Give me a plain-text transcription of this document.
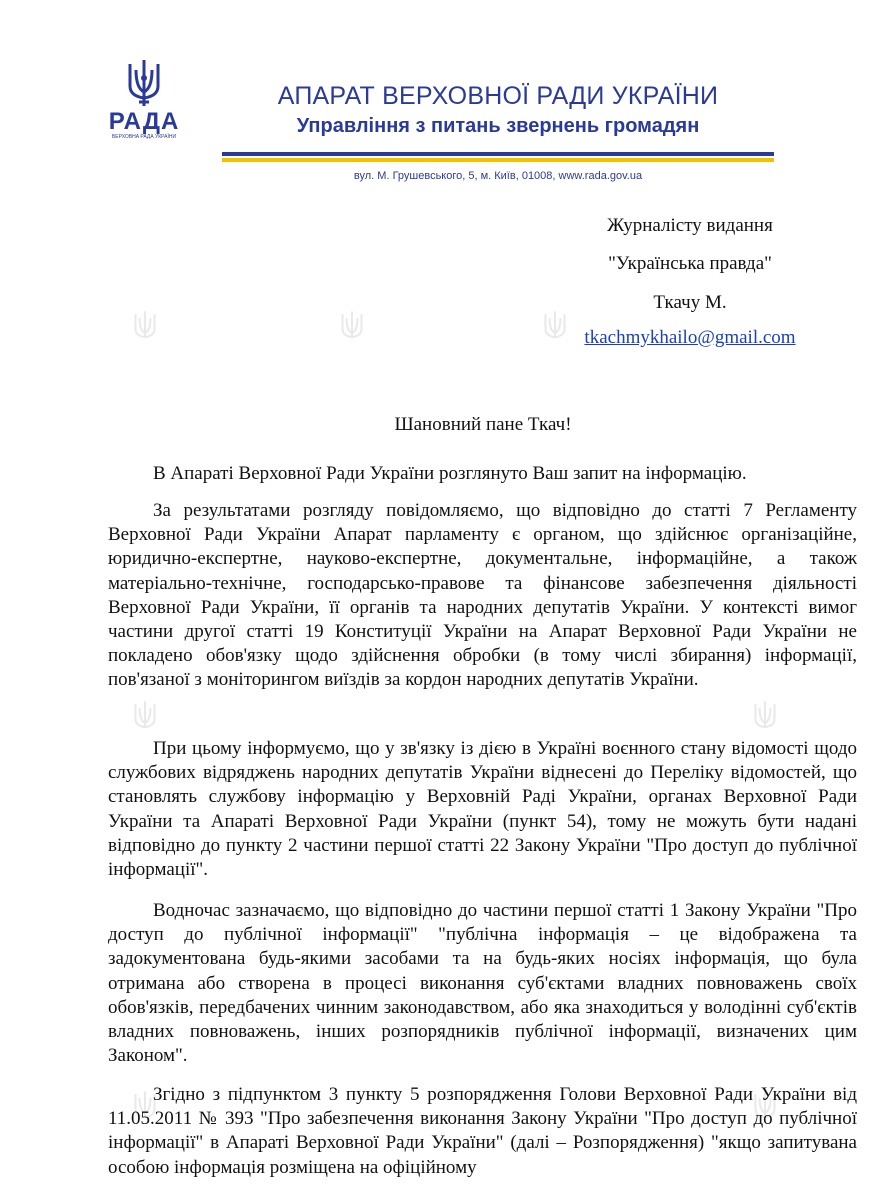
РАДА
ВЕРХОВНА РАДА УКРАЇНИ
АПАРАТ ВЕРХОВНОЇ РАДИ УКРАЇНИ
Управління з питань звернень громадян
вул. М. Грушевського, 5, м. Київ, 01008, www.rada.gov.ua
Журналісту видання
"Українська правда"
Ткачу М.
tkachmykhailo@gmail.com
Шановний пане Ткач!

В Апараті Верховної Ради України розглянуто Ваш запит на інформацію.

За результатами розгляду повідомляємо, що відповідно до статті 7 Регламенту Верховної Ради України Апарат парламенту є органом, що здійснює організаційне, юридично-експертне, науково-експертне, документальне, інформаційне, а також матеріально-технічне, господарсько-правове та фінансове забезпечення діяльності Верховної Ради України, її органів та народних депутатів України. У контексті вимог частини другої статті 19 Конституції України на Апарат Верховної Ради України не покладено обов'язку щодо здійснення обробки (в тому числі збирання) інформації, пов'язаної з моніторингом виїздів за кордон народних депутатів України.

При цьому інформуємо, що у зв'язку із дією в Україні воєнного стану відомості щодо службових відряджень народних депутатів України віднесені до Переліку відомостей, що становлять службову інформацію у Верховній Раді України, органах Верховної Ради України та Апараті Верховної Ради України (пункт 54), тому не можуть бути надані відповідно до пункту 2 частини першої статті 22 Закону України "Про доступ до публічної інформації".

Водночас зазначаємо, що відповідно до частини першої статті 1 Закону України "Про доступ до публічної інформації" "публічна інформація – це відображена та задокументована будь-якими засобами та на будь-яких носіях інформація, що була отримана або створена в процесі виконання суб'єктами владних повноважень своїх обов'язків, передбачених чинним законодавством, або яка знаходиться у володінні суб'єктів владних повноважень, інших розпорядників публічної інформації, визначених цим Законом".

Згідно з підпунктом 3 пункту 5 розпорядження Голови Верховної Ради України від 11.05.2011 № 393 "Про забезпечення виконання Закону України "Про доступ до публічної інформації" в Апараті Верховної Ради України" (далі – Розпорядження) "якщо запитувана особою інформація розміщена на офіційному
